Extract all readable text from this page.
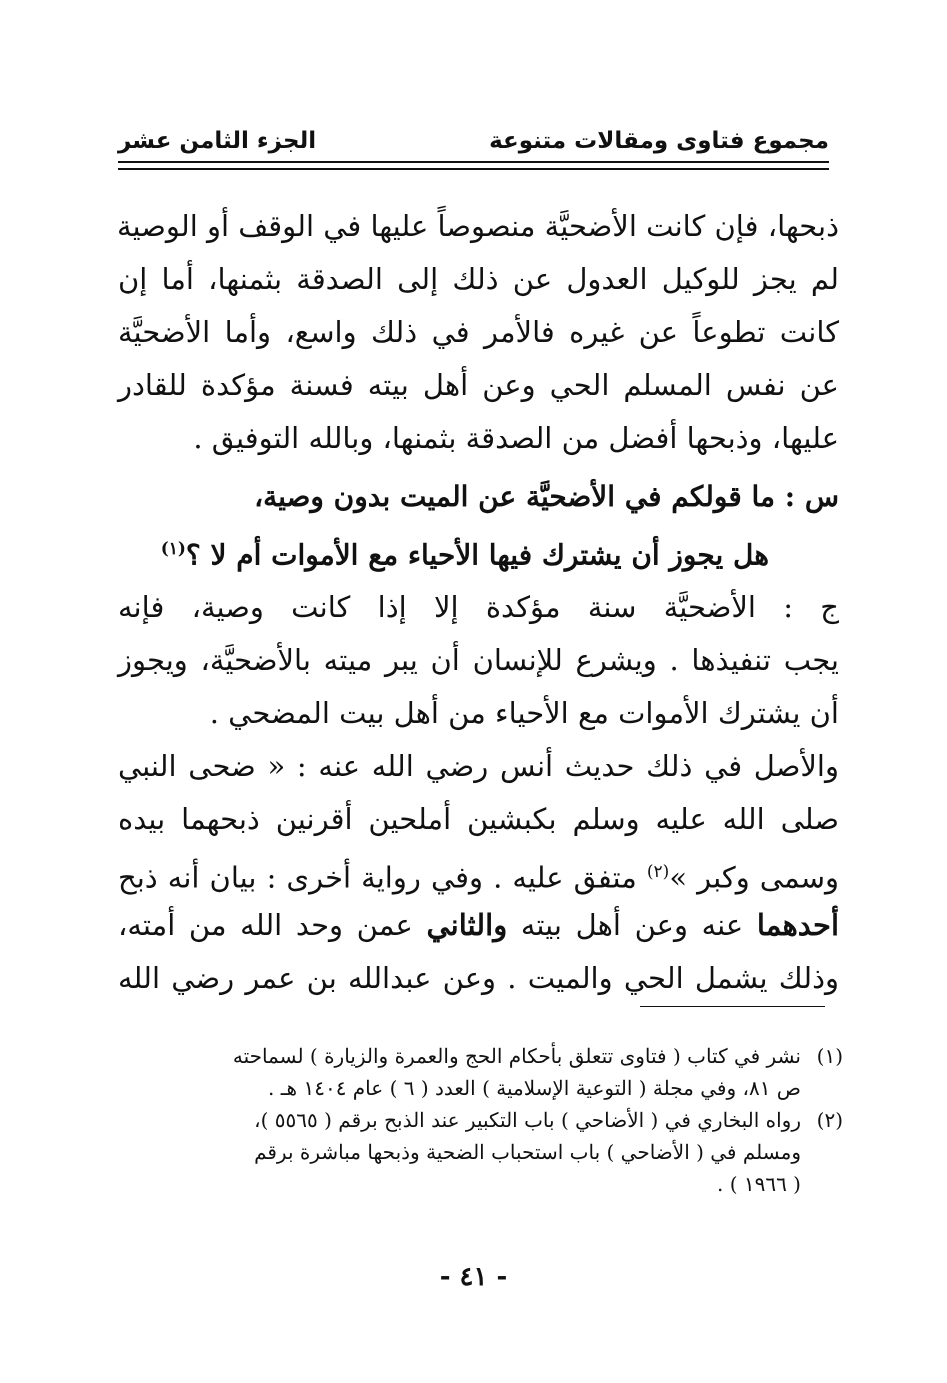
مجموع فتاوى ومقالات متنوعة
الجزء الثامن عشر
ذبحها، فإن كانت الأضحيَّة منصوصاً عليها في الوقف أو الوصية
لم يجز للوكيل العدول عن ذلك إلى الصدقة بثمنها، أما إن
كانت تطوعاً عن غيره فالأمر في ذلك واسع، وأما الأضحيَّة
عن نفس المسلم الحي وعن أهل بيته فسنة مؤكدة للقادر
عليها، وذبحها أفضل من الصدقة بثمنها، وبالله التوفيق .
س : ما قولكم في الأضحيَّة عن الميت بدون وصية،
هل يجوز أن يشترك فيها الأحياء مع الأموات أم لا ؟$^{(١)}$
ج : الأضحيَّة سنة مؤكدة إلا إذا كانت وصية، فإنه
يجب تنفيذها . ويشرع للإنسان أن يبر ميته بالأضحيَّة، ويجوز
أن يشترك الأموات مع الأحياء من أهل بيت المضحي .
والأصل في ذلك حديث أنس رضي الله عنه : « ضحى النبي
صلى الله عليه وسلم بكبشين أملحين أقرنين ذبحهما بيده
وسمى وكبر »$^{(٢)}$ متفق عليه . وفي رواية أخرى : بيان أنه ذبح
أحدهما عنه وعن أهل بيته والثاني عمن وحد الله من أمته،
وذلك يشمل الحي والميت . وعن عبدالله بن عمر رضي الله
(١)
نشر في كتاب ( فتاوى تتعلق بأحكام الحج والعمرة والزيارة ) لسماحته
ص ٨١، وفي مجلة ( التوعية الإسلامية ) العدد ( ٦ ) عام ١٤٠٤ هـ .
(٢)
رواه البخاري في ( الأضاحي ) باب التكبير عند الذبح برقم ( ٥٥٦٥ )،
ومسلم في ( الأضاحي ) باب استحباب الضحية وذبحها مباشرة برقم
( ١٩٦٦ ) .
- ٤١ -
